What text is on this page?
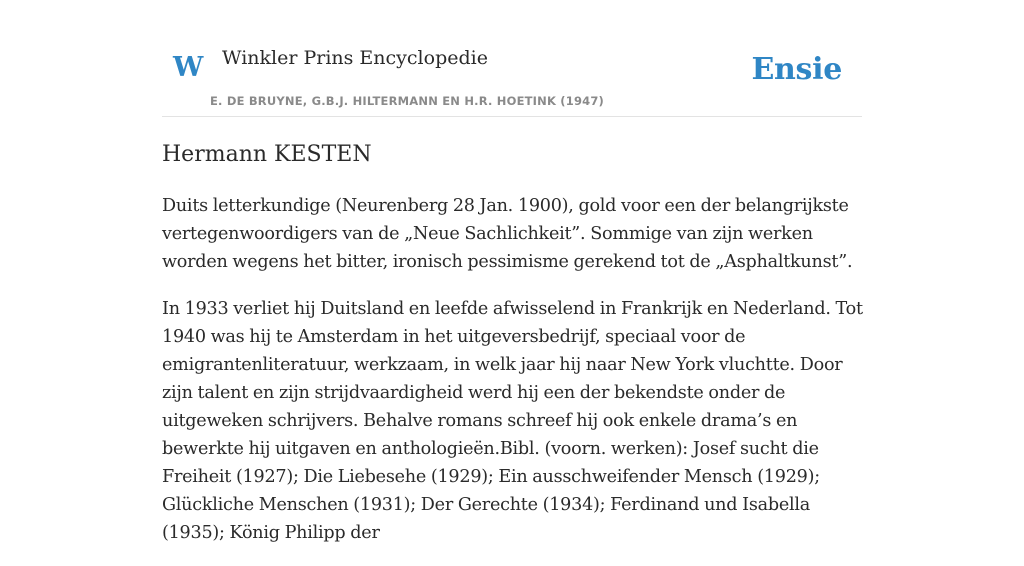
W Winkler Prins Encyclopedie
E. DE BRUYNE, G.B.J. HILTERMANN EN H.R. HOETINK (1947)
Ensie
Hermann KESTEN

Duits letterkundige (Neurenberg 28 Jan. 1900), gold voor een der belangrijkste vertegenwoordigers van de „Neue Sachlichkeit”. Sommige van zijn werken worden wegens het bitter, ironisch pessimisme gerekend tot de „Asphaltkunst”.

In 1933 verliet hij Duitsland en leefde afwisselend in Frankrijk en Nederland. Tot 1940 was hij te Amsterdam in het uitgeversbedrijf, speciaal voor de emigrantenliteratuur, werkzaam, in welk jaar hij naar New York vluchtte. Door zijn talent en zijn strijdvaardigheid werd hij een der bekendste onder de uitgeweken schrijvers. Behalve romans schreef hij ook enkele drama’s en bewerkte hij uitgaven en anthologieën.Bibl. (voorn. werken): Josef sucht die Freiheit (1927); Die Liebesehe (1929); Ein ausschweifender Mensch (1929); Glückliche Menschen (1931); Der Gerechte (1934); Ferdinand und Isabella (1935); König Philipp der
